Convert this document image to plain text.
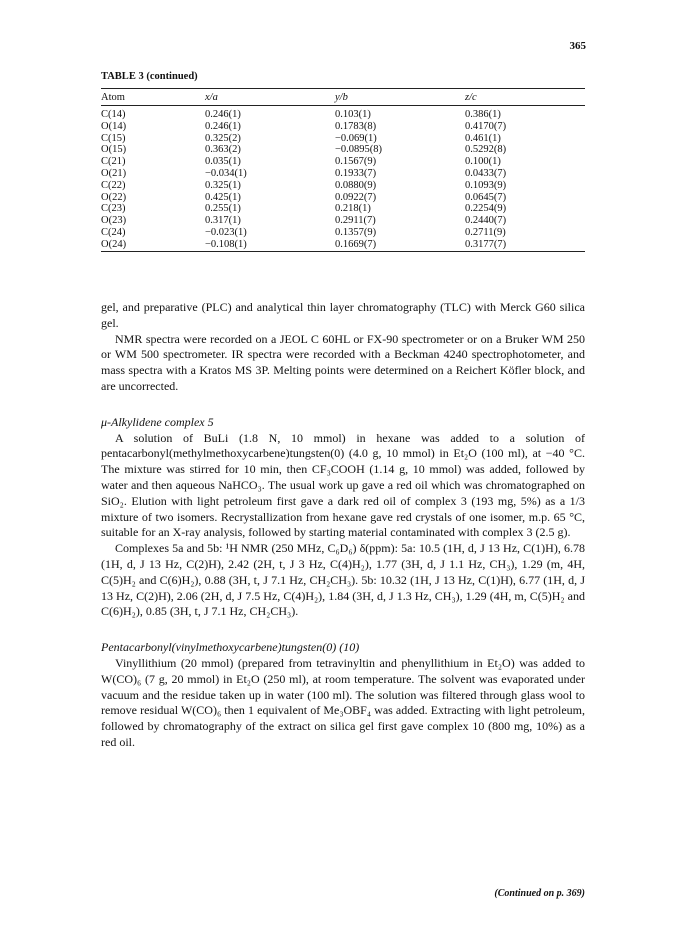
365
TABLE 3 (continued)
Atom	x/a	y/b	z/c
C(14)	0.246(1)	0.103(1)	0.386(1)
O(14)	0.246(1)	0.1783(8)	0.4170(7)
C(15)	0.325(2)	−0.069(1)	0.461(1)
O(15)	0.363(2)	−0.0895(8)	0.5292(8)
C(21)	0.035(1)	0.1567(9)	0.100(1)
O(21)	−0.034(1)	0.1933(7)	0.0433(7)
C(22)	0.325(1)	0.0880(9)	0.1093(9)
O(22)	0.425(1)	0.0922(7)	0.0645(7)
C(23)	0.255(1)	0.218(1)	0.2254(9)
O(23)	0.317(1)	0.2911(7)	0.2440(7)
C(24)	−0.023(1)	0.1357(9)	0.2711(9)
O(24)	−0.108(1)	0.1669(7)	0.3177(7)

gel, and preparative (PLC) and analytical thin layer chromatography (TLC) with Merck G60 silica gel.

NMR spectra were recorded on a JEOL C 60HL or FX-90 spectrometer or on a Bruker WM 250 or WM 500 spectrometer. IR spectra were recorded with a Beckman 4240 spectrophotometer, and mass spectra with a Kratos MS 3P. Melting points were determined on a Reichert Köfler block, and are uncorrected.

μ-Alkylidene complex 5

A solution of BuLi (1.8 N, 10 mmol) in hexane was added to a solution of pentacarbonyl(methylmethoxycarbene)tungsten(0) (4.0 g, 10 mmol) in Et₂O (100 ml), at −40 °C. The mixture was stirred for 10 min, then CF₃COOH (1.14 g, 10 mmol) was added, followed by water and then aqueous NaHCO₃. The usual work up gave a red oil which was chromatographed on SiO₂. Elution with light petroleum first gave a dark red oil of complex 3 (193 mg, 5%) as a 1/3 mixture of two isomers. Recrystallization from hexane gave red crystals of one isomer, m.p. 65 °C, suitable for an X-ray analysis, followed by starting material contaminated with complex 3 (2.5 g).

Complexes 5a and 5b: ¹H NMR (250 MHz, C₆D₆) δ(ppm): 5a: 10.5 (1H, d, J 13 Hz, C(1)H), 6.78 (1H, d, J 13 Hz, C(2)H), 2.42 (2H, t, J 3 Hz, C(4)H₂), 1.77 (3H, d, J 1.1 Hz, CH₃), 1.29 (m, 4H, C(5)H₂ and C(6)H₂), 0.88 (3H, t, J 7.1 Hz, CH₂CH₃). 5b: 10.32 (1H, J 13 Hz, C(1)H), 6.77 (1H, d, J 13 Hz, C(2)H), 2.06 (2H, d, J 7.5 Hz, C(4)H₂), 1.84 (3H, d, J 1.3 Hz, CH₃), 1.29 (4H, m, C(5)H₂ and C(6)H₂), 0.85 (3H, t, J 7.1 Hz, CH₂CH₃).

Pentacarbonyl(vinylmethoxycarbene)tungsten(0) (10)

Vinyllithium (20 mmol) (prepared from tetravinyltin and phenyllithium in Et₂O) was added to W(CO)₆ (7 g, 20 mmol) in Et₂O (250 ml), at room temperature. The solvent was evaporated under vacuum and the residue taken up in water (100 ml). The solution was filtered through glass wool to remove residual W(CO)₆ then 1 equivalent of Me₃OBF₄ was added. Extracting with light petroleum, followed by chromatography of the extract on silica gel first gave complex 10 (800 mg, 10%) as a red oil.

(Continued on p. 369)
